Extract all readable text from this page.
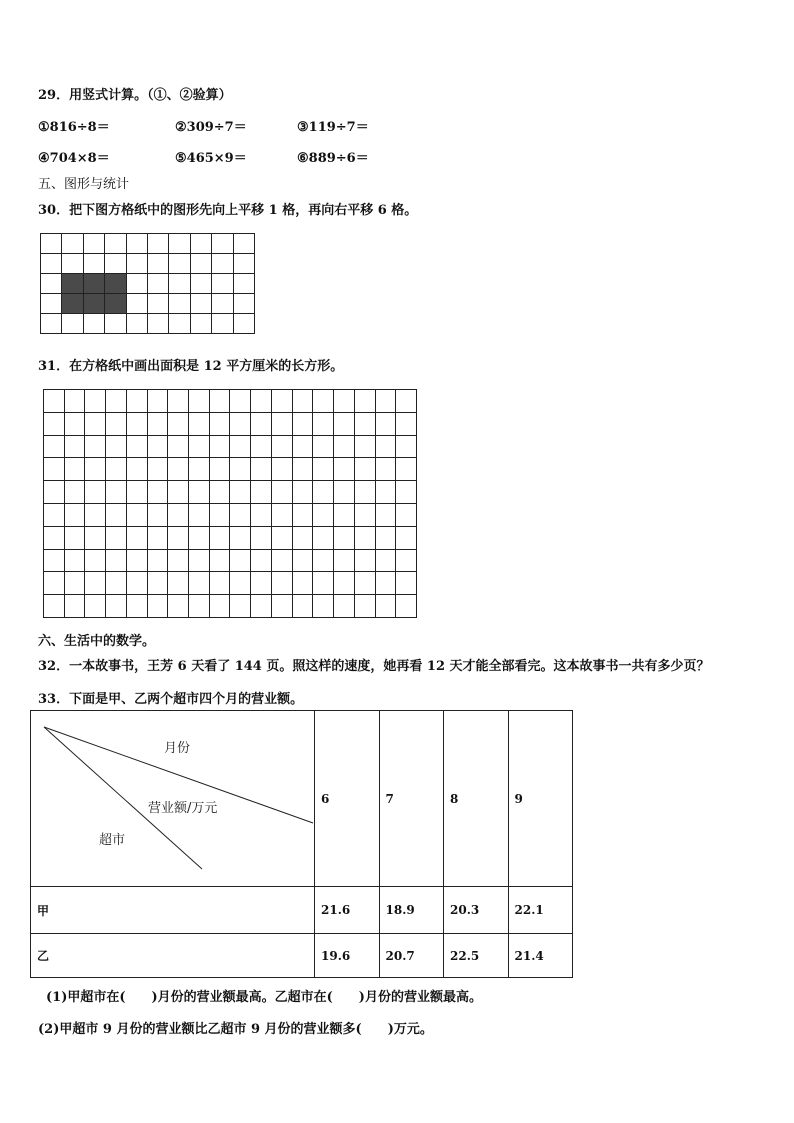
29．用竖式计算。（①、②验算）
①816÷8＝	②309÷7＝	③119÷7＝
④704×8＝	⑤465×9＝	⑥889÷6＝
五、图形与统计
30．把下图方格纸中的图形先向上平移 1 格，再向右平移 6 格。

31．在方格纸中画出面积是 12 平方厘米的长方形。

六、生活中的数学。
32．一本故事书，王芳 6 天看了 144 页。照这样的速度，她再看 12 天才能全部看完。这本故事书一共有多少页？
33．下面是甲、乙两个超市四个月的营业额。
月份
营业额/万元
超市	6	7	8	9
甲	21.6	18.9	20.3	22.1
乙	19.6	20.7	22.5	21.4
(1)甲超市在(　　)月份的营业额最高。乙超市在(　　)月份的营业额最高。
(2)甲超市 9 月份的营业额比乙超市 9 月份的营业额多(　　)万元。
